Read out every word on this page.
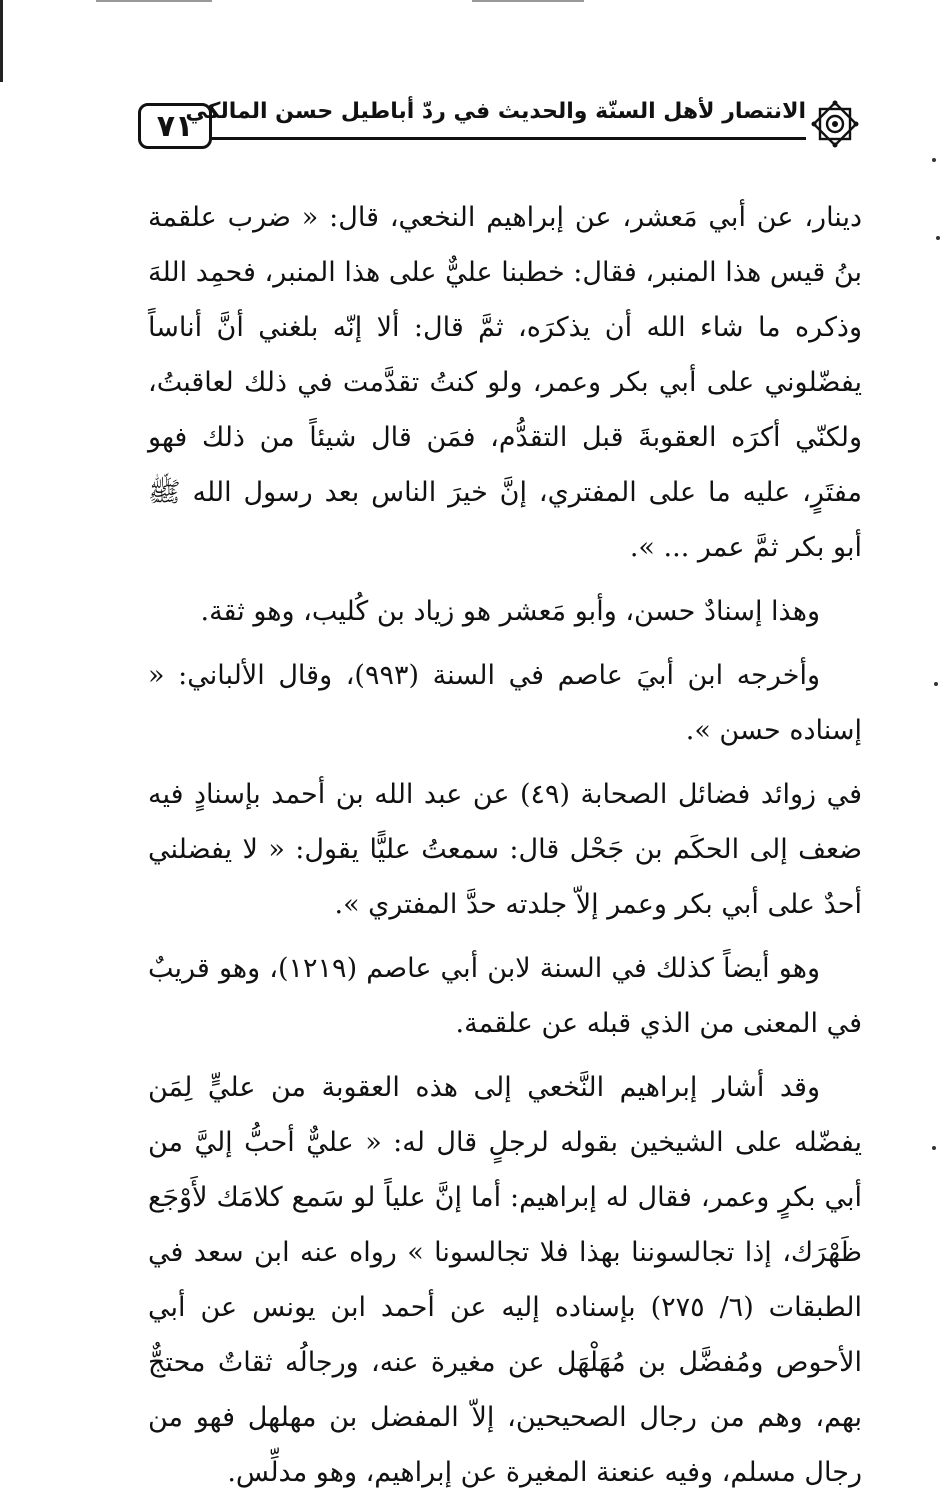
٧١
الانتصار لأهل السنّة والحديث في ردّ أباطيل حسن المالكي

دينار، عن أبي مَعشر، عن إبراهيم النخعي، قال: « ضرب علقمة بنُ قيس هذا المنبر، فقال: خطبنا عليٌّ على هذا المنبر، فحمِد اللهَ وذكره ما شاء الله أن يذكرَه، ثمَّ قال: ألا إنّه بلغني أنَّ أناساً يفضّلوني على أبي بكر وعمر، ولو كنتُ تقدَّمت في ذلك لعاقبتُ، ولكنّي أكرَه العقوبةَ قبل التقدُّم، فمَن قال شيئاً من ذلك فهو مفتَرٍ، عليه ما على المفتري، إنَّ خيرَ الناس بعد رسول الله ﷺ أبو بكر ثمَّ عمر ... ».

وهذا إسنادٌ حسن، وأبو مَعشر هو زياد بن كُليب، وهو ثقة.

وأخرجه ابن أبيَ عاصم في السنة (٩٩٣)، وقال الألباني: « إسناده حسن ».

في زوائد فضائل الصحابة (٤٩) عن عبد الله بن أحمد بإسنادٍ فيه ضعف إلى الحكَم بن جَحْل قال: سمعتُ عليًّا يقول: « لا يفضلني أحدٌ على أبي بكر وعمر إلاّ جلدته حدَّ المفتري ».

وهو أيضاً كذلك في السنة لابن أبي عاصم (١٢١٩)، وهو قريبٌ في المعنى من الذي قبله عن علقمة.

وقد أشار إبراهيم النَّخعي إلى هذه العقوبة من عليٍّ لِمَن يفضّله على الشيخين بقوله لرجلٍ قال له: « عليٌّ أحبُّ إليَّ من أبي بكرٍ وعمر، فقال له إبراهيم: أما إنَّ علياً لو سَمع كلامَك لأَوْجَع ظَهْرَك، إذا تجالسوننا بهذا فلا تجالسونا » رواه عنه ابن سعد في الطبقات (٦/ ٢٧٥) بإسناده إليه عن أحمد ابن يونس عن أبي الأحوص ومُفضَّل بن مُهَلْهَل عن مغيرة عنه، ورجالُه ثقاتٌ محتجٌّ بهم، وهم من رجال الصحيحين، إلاّ المفضل بن مهلهل فهو من رجال مسلم، وفيه عنعنة المغيرة عن إبراهيم، وهو مدلِّس.
